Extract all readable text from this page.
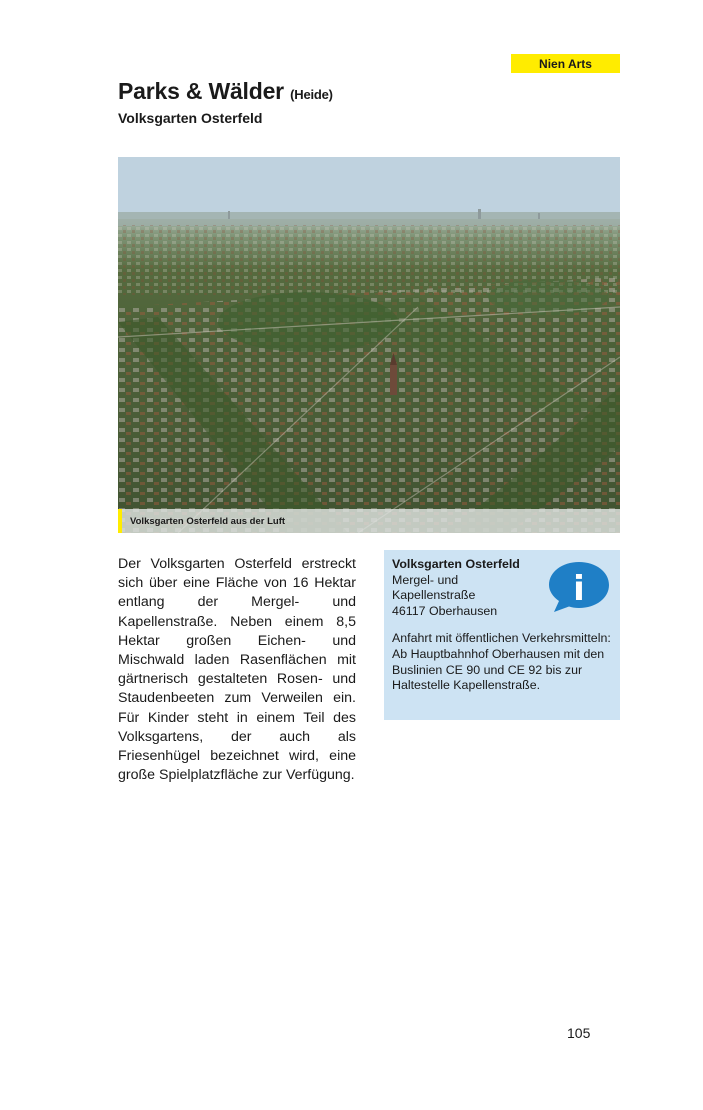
Nien Arts
Parks & Wälder (Heide)
Volksgarten Osterfeld
Volksgarten Osterfeld aus der Luft

Der Volksgarten Osterfeld erstreckt sich über eine Fläche von 16 Hektar entlang der Mergel- und Kapellenstraße. Neben einem 8,5 Hektar großen Eichen- und Mischwald laden Rasenflächen mit gärtnerisch gestalteten Rosen- und Staudenbeeten zum Verweilen ein. Für Kinder steht in einem Teil des Volksgartens, der auch als Friesenhügel bezeichnet wird, eine große Spielplatzfläche zur Verfügung.

i
Volksgarten Osterfeld
Mergel- und
Kapellenstraße
46117 Oberhausen
Anfahrt mit öffentlichen Verkehrsmitteln: Ab Hauptbahnhof Oberhausen mit den Buslinien CE 90 und CE 92 bis zur Haltestelle Kapellenstraße.
105
